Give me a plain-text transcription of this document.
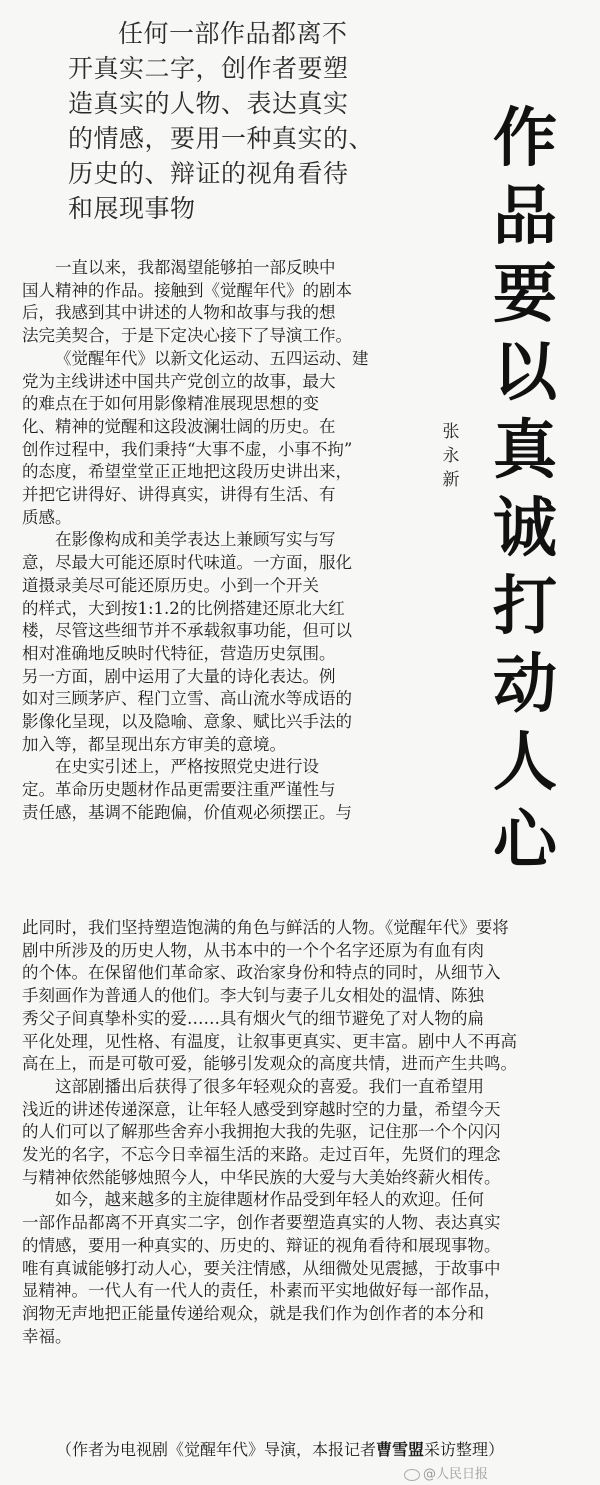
任何一部作品都离不
开真实二字，创作者要塑
造真实的人物、表达真实
的情感，要用一种真实的、
历史的、辩证的视角看待
和展现事物
作
品
要
以
真
诚
打
动
人
心
张
永
新
一直以来，我都渴望能够拍一部反映中
国人精神的作品。接触到《觉醒年代》的剧本
后，我感到其中讲述的人物和故事与我的想
法完美契合，于是下定决心接下了导演工作。
《觉醒年代》以新文化运动、五四运动、建
党为主线讲述中国共产党创立的故事，最大
的难点在于如何用影像精准展现思想的变
化、精神的觉醒和这段波澜壮阔的历史。在
创作过程中，我们秉持“大事不虚，小事不拘”
的态度，希望堂堂正正地把这段历史讲出来，
并把它讲得好、讲得真实，讲得有生活、有
质感。
在影像构成和美学表达上兼顾写实与写
意，尽最大可能还原时代味道。一方面，服化
道摄录美尽可能还原历史。小到一个开关
的样式，大到按1:1.2的比例搭建还原北大红
楼，尽管这些细节并不承载叙事功能，但可以
相对准确地反映时代特征，营造历史氛围。
另一方面，剧中运用了大量的诗化表达。例
如对三顾茅庐、程门立雪、高山流水等成语的
影像化呈现，以及隐喻、意象、赋比兴手法的
加入等，都呈现出东方审美的意境。
在史实引述上，严格按照党史进行设
定。革命历史题材作品更需要注重严谨性与
责任感，基调不能跑偏，价值观必须摆正。与
此同时，我们坚持塑造饱满的角色与鲜活的人物。《觉醒年代》要将
剧中所涉及的历史人物，从书本中的一个个名字还原为有血有肉
的个体。在保留他们革命家、政治家身份和特点的同时，从细节入
手刻画作为普通人的他们。李大钊与妻子儿女相处的温情、陈独
秀父子间真挚朴实的爱……具有烟火气的细节避免了对人物的扁
平化处理，见性格、有温度，让叙事更真实、更丰富。剧中人不再高
高在上，而是可敬可爱，能够引发观众的高度共情，进而产生共鸣。
这部剧播出后获得了很多年轻观众的喜爱。我们一直希望用
浅近的讲述传递深意，让年轻人感受到穿越时空的力量，希望今天
的人们可以了解那些舍弃小我拥抱大我的先驱，记住那一个个闪闪
发光的名字，不忘今日幸福生活的来路。走过百年，先贤们的理念
与精神依然能够烛照今人，中华民族的大爱与大美始终薪火相传。
如今，越来越多的主旋律题材作品受到年轻人的欢迎。任何
一部作品都离不开真实二字，创作者要塑造真实的人物、表达真实
的情感，要用一种真实的、历史的、辩证的视角看待和展现事物。
唯有真诚能够打动人心，要关注情感，从细微处见震撼，于故事中
显精神。一代人有一代人的责任，朴素而平实地做好每一部作品，
润物无声地把正能量传递给观众，就是我们作为创作者的本分和
幸福。
（作者为电视剧《觉醒年代》导演，本报记者曹雪盟采访整理）
@人民日报
